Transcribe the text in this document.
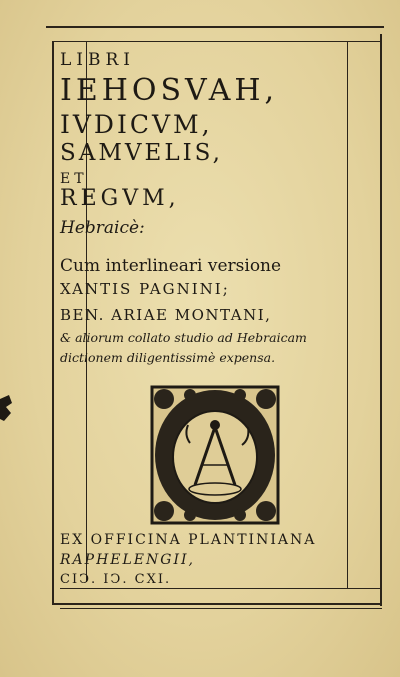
LIBRI
IEHOSVAH,
IVDICVM,
SAMVELIS,
ET
REGVM,
Hebraicè:
Cum interlineari versione
XANTIS PAGNINI;
BEN. ARIAE MONTANI,
& aliorum collato studio ad Hebraicam
dictionem diligentissimè expensa.
EX OFFICINA PLANTINIANA
RAPHELENGII,
CIↃ. IↃ. CXI.
